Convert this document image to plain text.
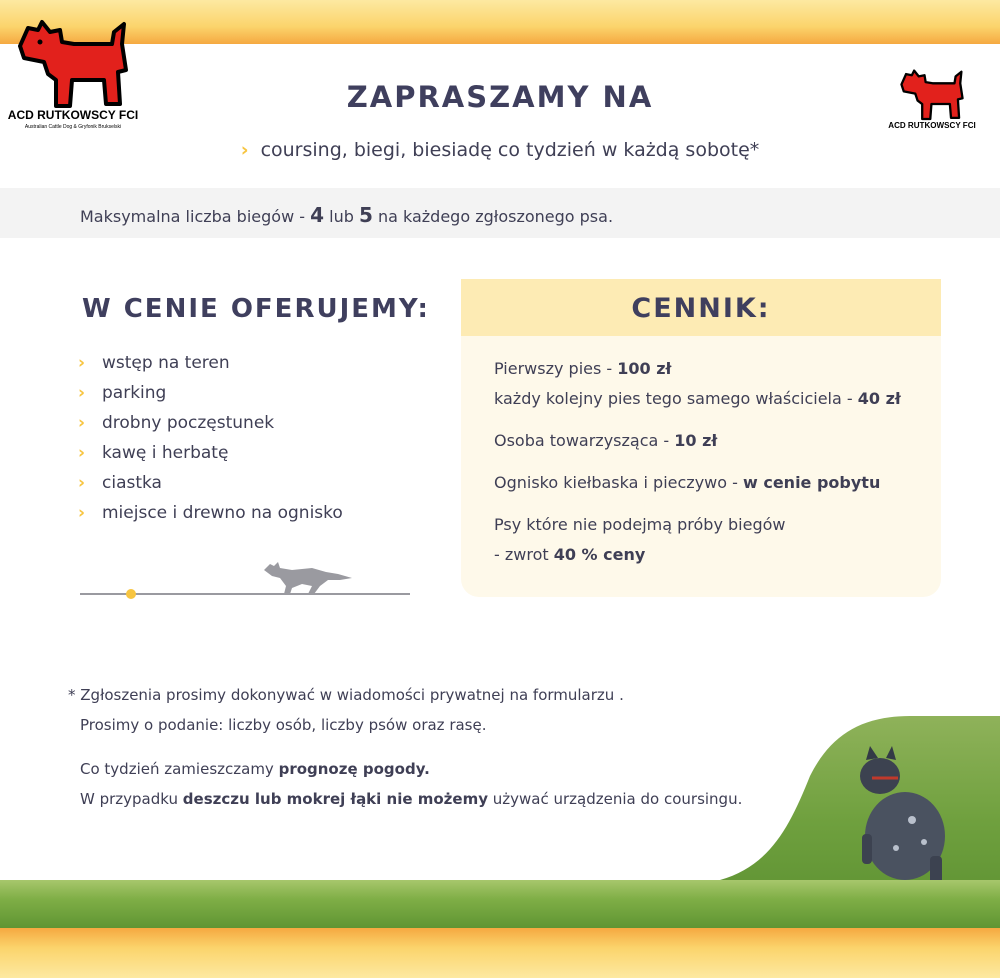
ACD RUTKOWSCY FCI
Australian Cattle Dog & Gryfonik Brukselski	ACD RUTKOWSCY FCI
ZAPRASZAMY NA
› coursing, biegi, biesiadę co tydzień w każdą sobotę*
Maksymalna liczba biegów - 4 lub 5 na każdego zgłoszonego psa.
W CENIE OFERUJEMY:
› wstęp na teren
› parking
› drobny poczęstunek
› kawę i herbatę
› ciastka
› miejsce i drewno na ognisko
CENNIK:
Pierwszy pies - 100 zł
każdy kolejny pies tego samego właściciela - 40 zł
Osoba towarzysząca - 10 zł
Ognisko kiełbaska i pieczywo - w cenie pobytu
Psy które nie podejmą próby biegów
- zwrot 40 % ceny
* Zgłoszenia prosimy dokonywać w wiadomości prywatnej na formularzu .
Prosimy o podanie: liczby osób, liczby psów oraz rasę.
Co tydzień zamieszczamy prognozę pogody.
W przypadku deszczu lub mokrej łąki nie możemy używać urządzenia do coursingu.
